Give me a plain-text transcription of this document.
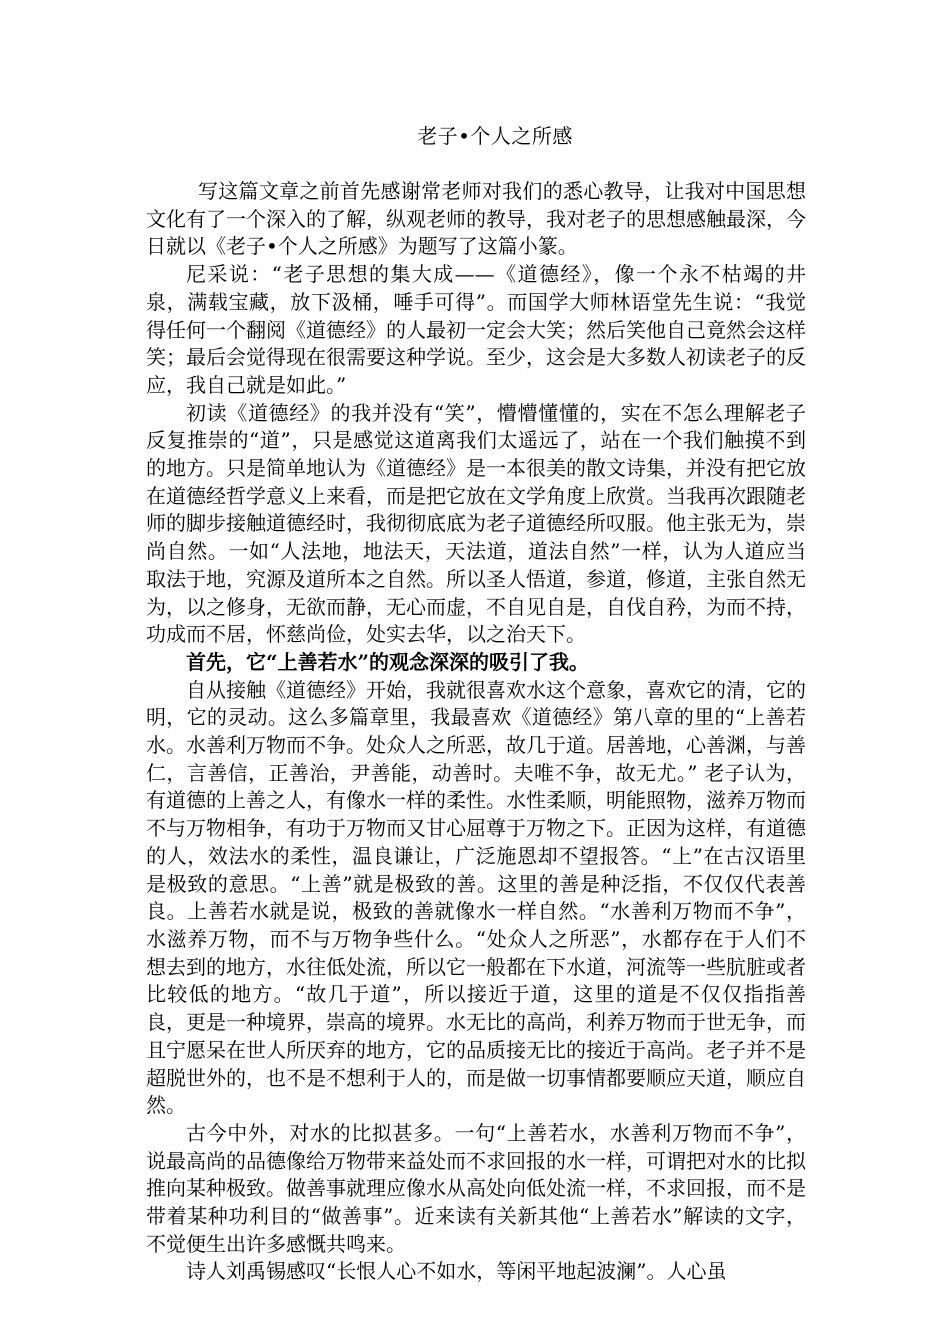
老子•个人之所感

写这篇文章之前首先感谢常老师对我们的悉心教导，让我对中国思想文化有了一个深入的了解，纵观老师的教导，我对老子的思想感触最深，今日就以《老子•个人之所感》为题写了这篇小篆。

尼采说：“老子思想的集大成——《道德经》，像一个永不枯竭的井泉，满载宝藏，放下汲桶，唾手可得”。而国学大师林语堂先生说：“我觉得任何一个翻阅《道德经》的人最初一定会大笑；然后笑他自己竟然会这样笑；最后会觉得现在很需要这种学说。至少，这会是大多数人初读老子的反应，我自己就是如此。”

初读《道德经》的我并没有“笑”，懵懵懂懂的，实在不怎么理解老子反复推崇的“道”，只是感觉这道离我们太遥远了，站在一个我们触摸不到的地方。只是简单地认为《道德经》是一本很美的散文诗集，并没有把它放在道德经哲学意义上来看，而是把它放在文学角度上欣赏。当我再次跟随老师的脚步接触道德经时，我彻彻底底为老子道德经所叹服。他主张无为，崇尚自然。一如“人法地，地法天，天法道，道法自然”一样，认为人道应当取法于地，究源及道所本之自然。所以圣人悟道，参道，修道，主张自然无为，以之修身，无欲而静，无心而虚，不自见自是，自伐自矜，为而不持，功成而不居，怀慈尚俭，处实去华，以之治天下。

首先，它“上善若水”的观念深深的吸引了我。

自从接触《道德经》开始，我就很喜欢水这个意象，喜欢它的清，它的明，它的灵动。这么多篇章里，我最喜欢《道德经》第八章的里的“上善若水。水善利万物而不争。处众人之所恶，故几于道。居善地，心善渊，与善仁，言善信，正善治，尹善能，动善时。夫唯不争，故无尤。” 老子认为，有道德的上善之人，有像水一样的柔性。水性柔顺，明能照物，滋养万物而不与万物相争，有功于万物而又甘心屈尊于万物之下。正因为这样，有道德的人，效法水的柔性，温良谦让，广泛施恩却不望报答。“上”在古汉语里是极致的意思。“上善”就是极致的善。这里的善是种泛指，不仅仅代表善良。上善若水就是说，极致的善就像水一样自然。“水善利万物而不争”，水滋养万物，而不与万物争些什么。“处众人之所恶”，水都存在于人们不想去到的地方，水往低处流，所以它一般都在下水道，河流等一些肮脏或者比较低的地方。“故几于道”，所以接近于道，这里的道是不仅仅指指善良，更是一种境界，崇高的境界。水无比的高尚，利养万物而于世无争，而且宁愿呆在世人所厌弃的地方，它的品质接无比的接近于高尚。老子并不是超脱世外的，也不是不想利于人的，而是做一切事情都要顺应天道，顺应自然。

古今中外，对水的比拟甚多。一句“上善若水，水善利万物而不争”，说最高尚的品德像给万物带来益处而不求回报的水一样，可谓把对水的比拟推向某种极致。做善事就理应像水从高处向低处流一样，不求回报，而不是带着某种功利目的“做善事”。近来读有关新其他“上善若水”解读的文字，不觉便生出许多感慨共鸣来。

诗人刘禹锡感叹“长恨人心不如水，等闲平地起波澜”。人心虽
